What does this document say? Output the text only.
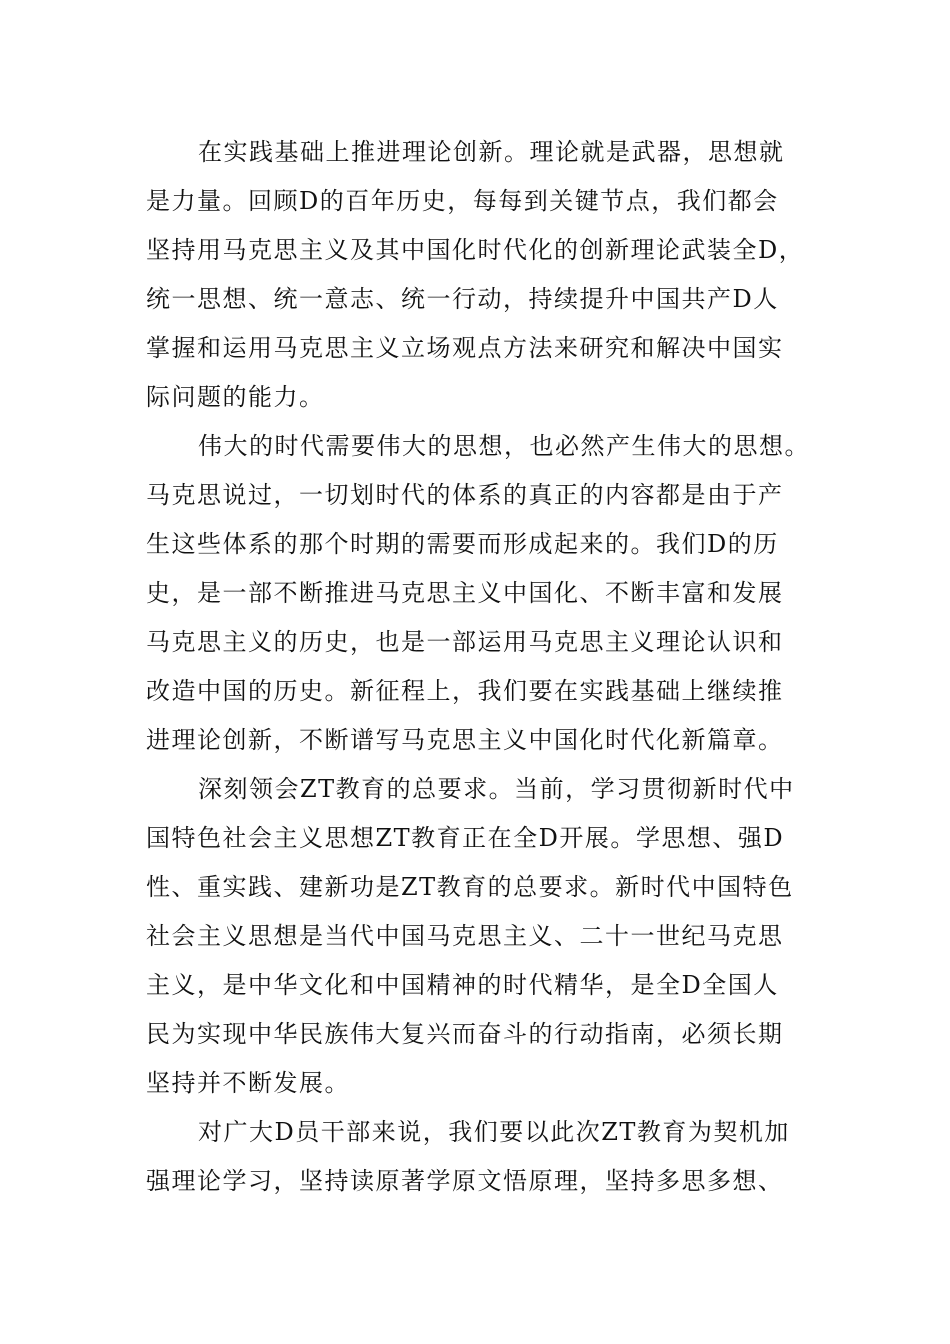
在实践基础上推进理论创新。理论就是武器，思想就
是力量。回顾D的百年历史，每每到关键节点，我们都会
坚持用马克思主义及其中国化时代化的创新理论武装全D，
统一思想、统一意志、统一行动，持续提升中国共产D人
掌握和运用马克思主义立场观点方法来研究和解决中国实
际问题的能力。
伟大的时代需要伟大的思想，也必然产生伟大的思想。
马克思说过，一切划时代的体系的真正的内容都是由于产
生这些体系的那个时期的需要而形成起来的。我们D的历
史，是一部不断推进马克思主义中国化、不断丰富和发展
马克思主义的历史，也是一部运用马克思主义理论认识和
改造中国的历史。新征程上，我们要在实践基础上继续推
进理论创新，不断谱写马克思主义中国化时代化新篇章。
深刻领会ZT教育的总要求。当前，学习贯彻新时代中
国特色社会主义思想ZT教育正在全D开展。学思想、强D
性、重实践、建新功是ZT教育的总要求。新时代中国特色
社会主义思想是当代中国马克思主义、二十一世纪马克思
主义，是中华文化和中国精神的时代精华，是全D全国人
民为实现中华民族伟大复兴而奋斗的行动指南，必须长期
坚持并不断发展。
对广大D员干部来说，我们要以此次ZT教育为契机加
强理论学习，坚持读原著学原文悟原理，坚持多思多想、
